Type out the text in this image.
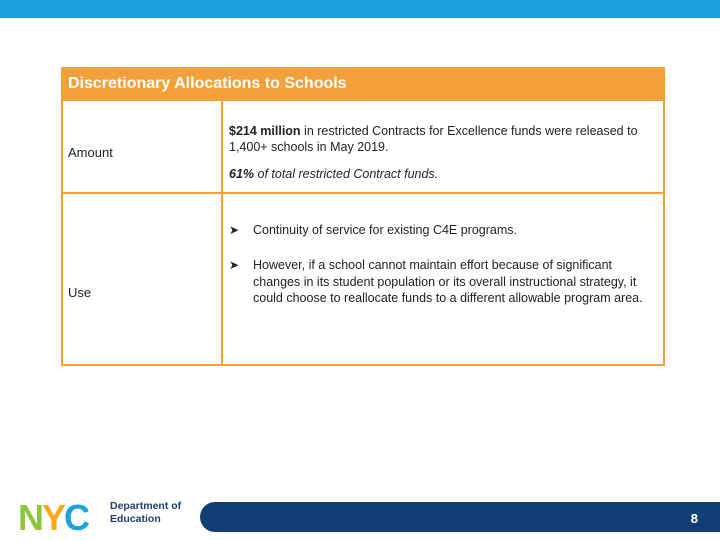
Discretionary Allocations to Schools
Amount
$214 million in restricted Contracts for Excellence funds were released to 1,400+ schools in May 2019.
61% of total restricted Contract funds.
Use
➤ Continuity of service for existing C4E programs.
➤ However, if a school cannot maintain effort because of significant changes in its student population or its overall instructional strategy, it could choose to reallocate funds to a different allowable program area.
NYC Department of
Education	8
